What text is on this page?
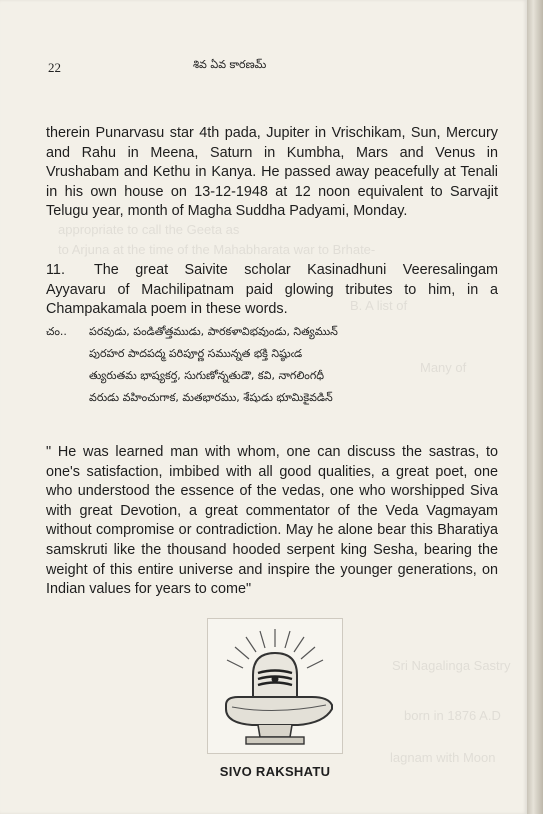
appropriate to call the Geeta as
to Arjuna at the time of the Mahabharata war to Brhate-
B. A list of
Many of
Sri Nagalinga Sastry
born in 1876 A.D
lagnam with Moon
22	శివ ఏవ కారణమ్

therein Punarvasu star 4th pada, Jupiter in Vrischikam, Sun, Mercury and Rahu in Meena, Saturn in Kumbha, Mars and Venus in Vrushabam and Kethu in Kanya. He passed away peacefully at Tenali in his own house on 13-12-1948 at 12 noon equivalent to Sarvajit Telugu year, month of Magha Suddha Padyami, Monday.

11. The great Saivite scholar Kasinadhuni Veeresalingam Ayyavaru of Machilipatnam paid glowing tributes to him, in a Champakamala poem in these words.

చం.. పరవుడు, పండితోత్తముడు, పారకళావిభవుండు, నిత్యమున్
పురహర పాదపద్మ పరిపూర్ణ సమున్నత భక్తి నిష్ఠుఁడ
త్యురుతమ భాష్యకర్త, సుగుణోన్నతుడౌ, కవి, నాగలింగధీ
వరుడు వహించుగాక, మతభారము, శేషుడు భూమికైవడిన్

" He was learned man with whom, one can discuss the sastras, to one's satisfaction, imbibed with all good qualities, a great poet, one who understood the essence of the vedas, one who worshipped Siva with great Devotion, a great commentator of the Veda Vagmayam without compromise or contradiction. May he alone bear this Bharatiya samskruti like the thousand hooded serpent king Sesha, bearing the weight of this entire universe and inspire the younger generations, on Indian values for years to come"

SIVO RAKSHATU
